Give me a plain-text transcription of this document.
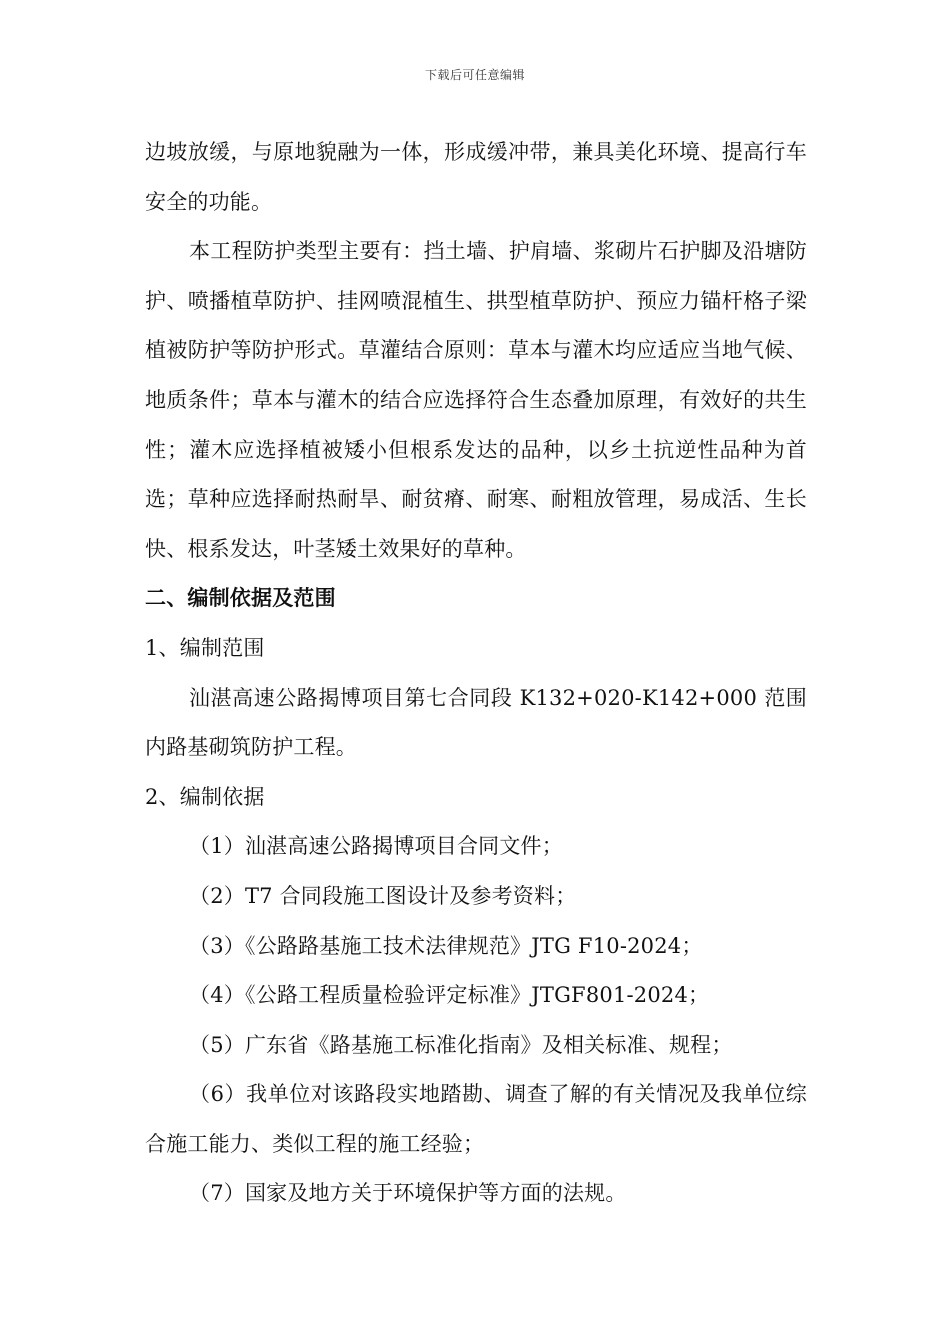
下载后可任意编辑

边坡放缓，与原地貌融为一体，形成缓冲带，兼具美化环境、提高行车安全的功能。

本工程防护类型主要有：挡土墙、护肩墙、浆砌片石护脚及沿塘防护、喷播植草防护、挂网喷混植生、拱型植草防护、预应力锚杆格子梁植被防护等防护形式。草灌结合原则：草本与灌木均应适应当地气候、地质条件；草本与灌木的结合应选择符合生态叠加原理，有效好的共生性；灌木应选择植被矮小但根系发达的品种，以乡土抗逆性品种为首选；草种应选择耐热耐旱、耐贫瘠、耐寒、耐粗放管理，易成活、生长快、根系发达，叶茎矮土效果好的草种。

二、编制依据及范围

1、编制范围

汕湛高速公路揭博项目第七合同段 K132+020-K142+000 范围内路基砌筑防护工程。

2、编制依据

（1）汕湛高速公路揭博项目合同文件；

（2）T7 合同段施工图设计及参考资料；

（3）《公路路基施工技术法律规范》JTG F10-2024；

（4）《公路工程质量检验评定标准》JTGF801-2024；

（5）广东省《路基施工标准化指南》及相关标准、规程；

（6）我单位对该路段实地踏勘、调查了解的有关情况及我单位综合施工能力、类似工程的施工经验；

（7）国家及地方关于环境保护等方面的法规。
